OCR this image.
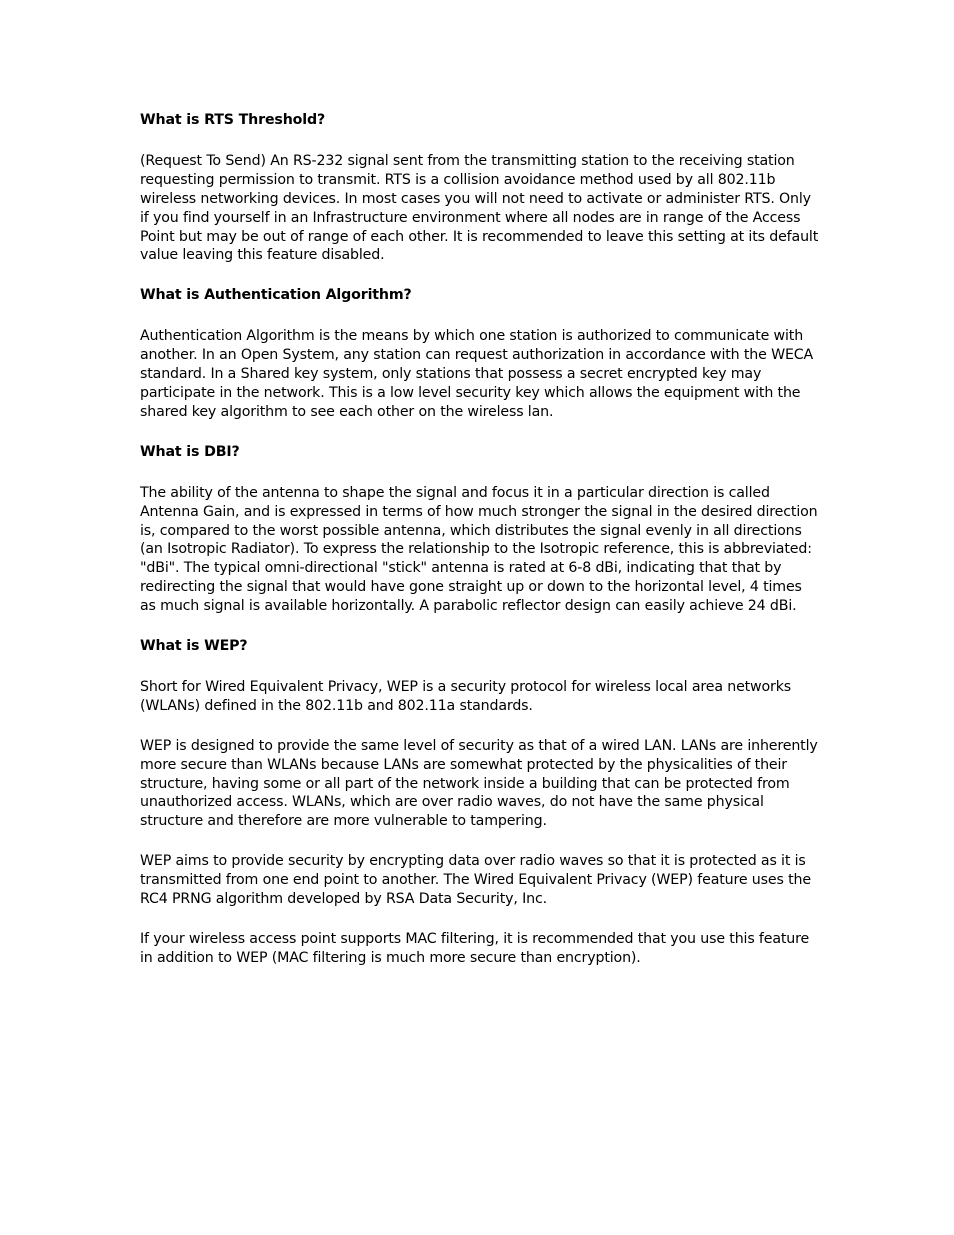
What is RTS Threshold?

(Request To Send) An RS-232 signal sent from the transmitting station to the receiving station requesting permission to transmit. RTS is a collision avoidance method used by all 802.11b wireless networking devices. In most cases you will not need to activate or administer RTS. Only if you find yourself in an Infrastructure environment where all nodes are in range of the Access Point but may be out of range of each other. It is recommended to leave this setting at its default value leaving this feature disabled.

What is Authentication Algorithm?

Authentication Algorithm is the means by which one station is authorized to communicate with another. In an Open System, any station can request authorization in accordance with the WECA standard. In a Shared key system, only stations that possess a secret encrypted key may participate in the network. This is a low level security key which allows the equipment with the shared key algorithm to see each other on the wireless lan.

What is DBI?

The ability of the antenna to shape the signal and focus it in a particular direction is called Antenna Gain, and is expressed in terms of how much stronger the signal in the desired direction is, compared to the worst possible antenna, which distributes the signal evenly in all directions (an Isotropic Radiator). To express the relationship to the Isotropic reference, this is abbreviated: "dBi". The typical omni-directional "stick" antenna is rated at 6-8 dBi, indicating that that by redirecting the signal that would have gone straight up or down to the horizontal level, 4 times as much signal is available horizontally. A parabolic reflector design can easily achieve 24 dBi.

What is WEP?

Short for Wired Equivalent Privacy, WEP is a security protocol for wireless local area networks (WLANs) defined in the 802.11b and 802.11a standards.

WEP is designed to provide the same level of security as that of a wired LAN. LANs are inherently more secure than WLANs because LANs are somewhat protected by the physicalities of their structure, having some or all part of the network inside a building that can be protected from unauthorized access. WLANs, which are over radio waves, do not have the same physical structure and therefore are more vulnerable to tampering.

WEP aims to provide security by encrypting data over radio waves so that it is protected as it is transmitted from one end point to another. The Wired Equivalent Privacy (WEP) feature uses the RC4 PRNG algorithm developed by RSA Data Security, Inc.

If your wireless access point supports MAC filtering, it is recommended that you use this feature in addition to WEP (MAC filtering is much more secure than encryption).
